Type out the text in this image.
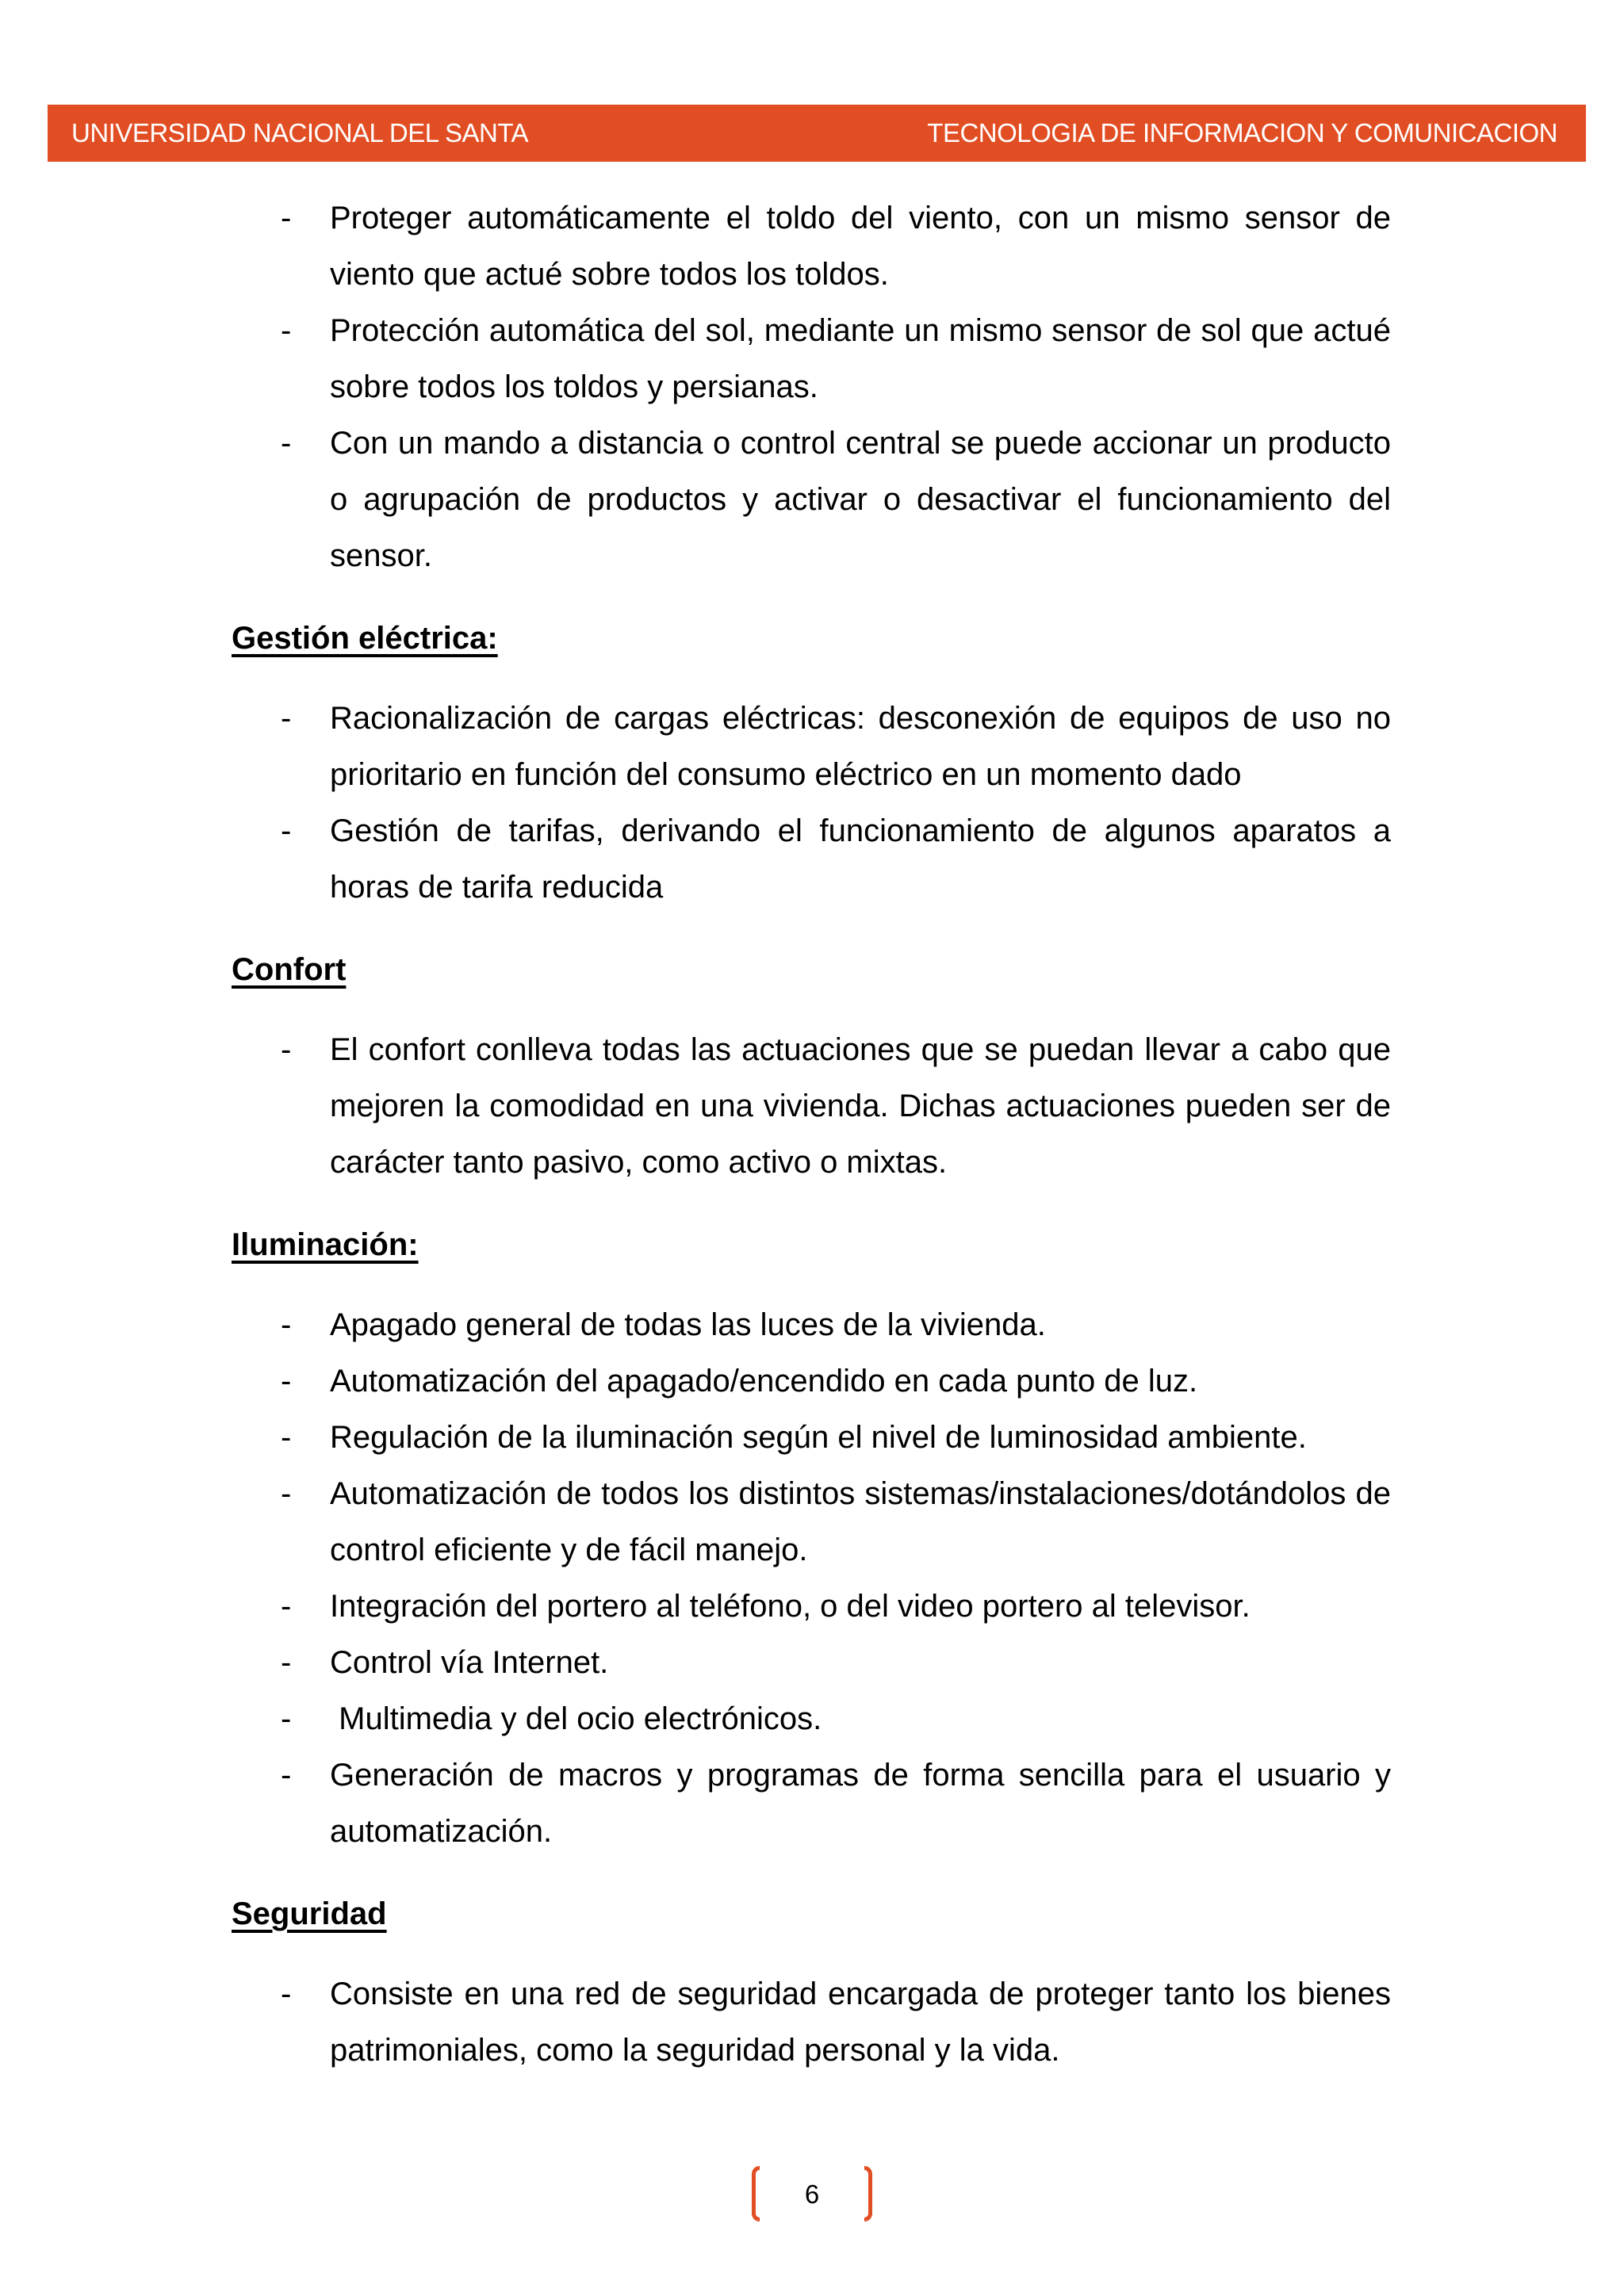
UNIVERSIDAD NACIONAL DEL SANTA	TECNOLOGIA DE INFORMACION Y COMUNICACION
- Proteger automáticamente el toldo del viento, con un mismo sensor de viento que actué sobre todos los toldos.
- Protección automática del sol, mediante un mismo sensor de sol que actué sobre todos los toldos y persianas.
- Con un mando a distancia o control central se puede accionar un producto o agrupación de productos y activar o desactivar el funcionamiento del sensor.
Gestión eléctrica:
- Racionalización de cargas eléctricas: desconexión de equipos de uso no prioritario en función del consumo eléctrico en un momento dado
- Gestión de tarifas, derivando el funcionamiento de algunos aparatos a horas de tarifa reducida
Confort
- El confort conlleva todas las actuaciones que se puedan llevar a cabo que mejoren la comodidad en una vivienda. Dichas actuaciones pueden ser de carácter tanto pasivo, como activo o mixtas.
Iluminación:
- Apagado general de todas las luces de la vivienda.
- Automatización del apagado/encendido en cada punto de luz.
- Regulación de la iluminación según el nivel de luminosidad ambiente.
- Automatización de todos los distintos sistemas/instalaciones/dotándolos de control eficiente y de fácil manejo.
- Integración del portero al teléfono, o del video portero al televisor.
- Control vía Internet.
- Multimedia y del ocio electrónicos.
- Generación de macros y programas de forma sencilla para el usuario y automatización.
Seguridad
- Consiste en una red de seguridad encargada de proteger tanto los bienes patrimoniales, como la seguridad personal y la vida.
6
